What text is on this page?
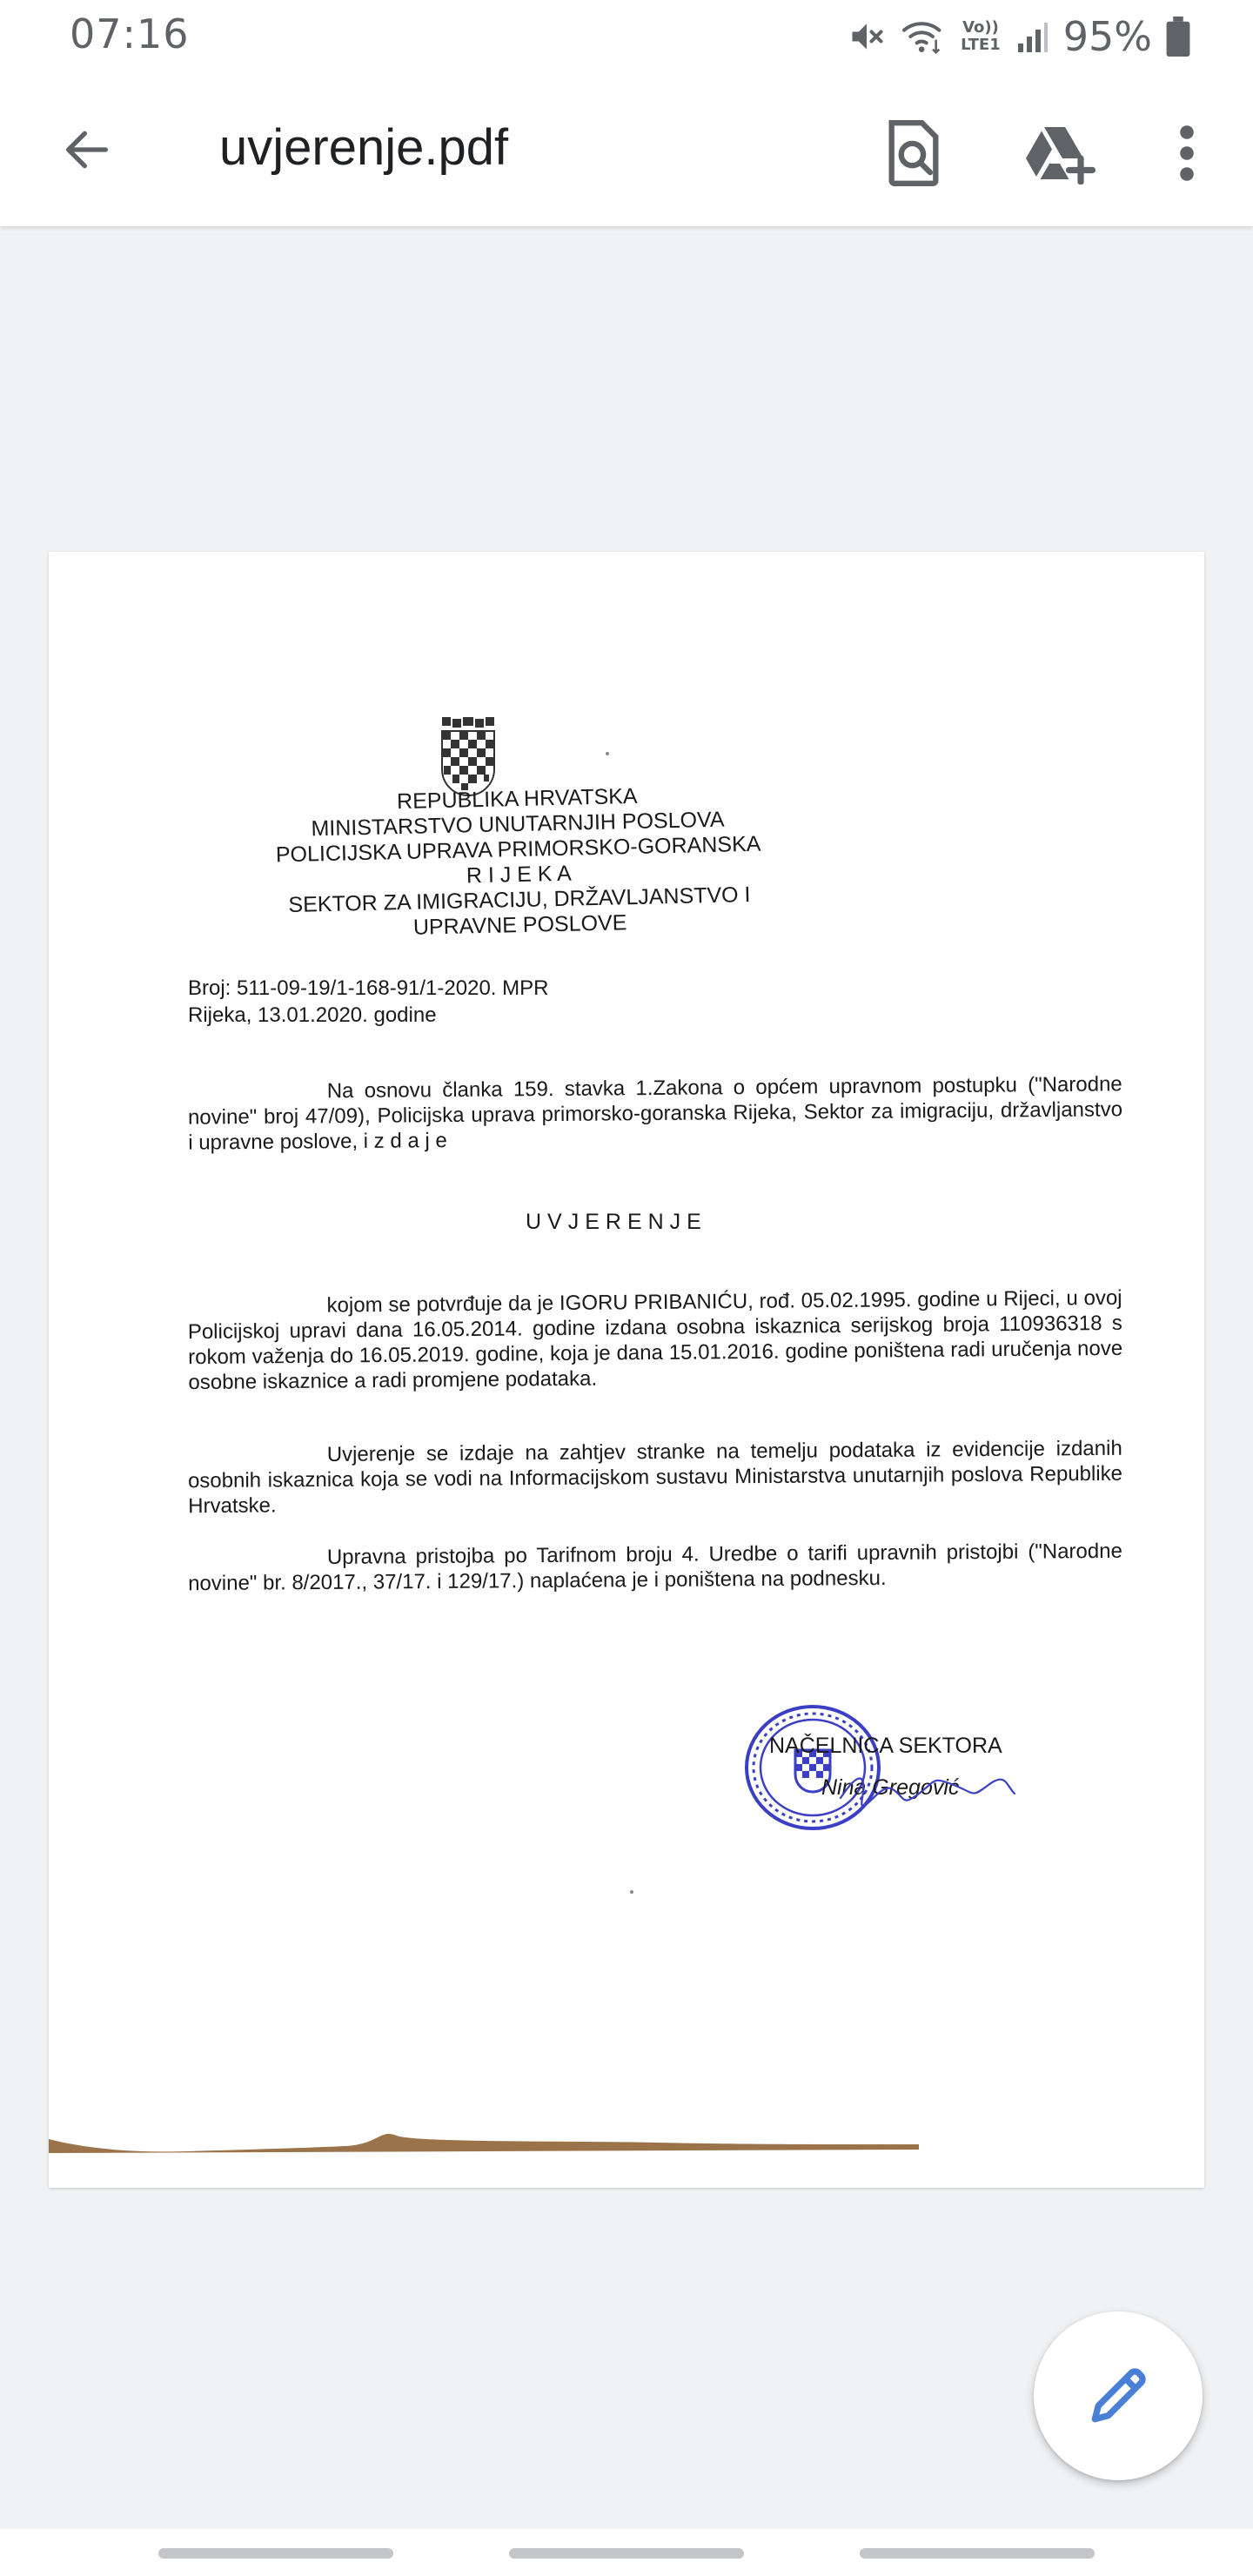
07:16	Vo))
LTE1 95%
uvjerenje.pdf
REPUBLIKA HRVATSKA
MINISTARSTVO UNUTARNJIH POSLOVA
POLICIJSKA UPRAVA PRIMORSKO-GORANSKA
R I J E K A
SEKTOR ZA IMIGRACIJU, DRŽAVLJANSTVO I
UPRAVNE POSLOVE
Broj: 511-09-19/1-168-91/1-2020. MPR
Rijeka, 13.01.2020. godine
Na osnovu članka 159. stavka 1.Zakona o općem upravnom postupku ("Narodne novine" broj 47/09), Policijska uprava primorsko-goranska Rijeka, Sektor za imigraciju, državljanstvo i upravne poslove, i z d a j e
UVJERENJE
kojom se potvrđuje da je IGORU PRIBANIĆU, rođ. 05.02.1995. godine u Rijeci, u ovoj Policijskoj upravi dana 16.05.2014. godine izdana osobna iskaznica serijskog broja 110936318 s rokom važenja do 16.05.2019. godine, koja je dana 15.01.2016. godine poništena radi uručenja nove osobne iskaznice a radi promjene podataka.
Uvjerenje se izdaje na zahtjev stranke na temelju podataka iz evidencije izdanih osobnih iskaznica koja se vodi na Informacijskom sustavu Ministarstva unutarnjih poslova Republike Hrvatske.
Upravna pristojba po Tarifnom broju 4. Uredbe o tarifi upravnih pristojbi ("Narodne novine" br. 8/2017., 37/17. i 129/17.) naplaćena je i poništena na podnesku.
NAČELNICA SEKTORA
Nina Gregović
